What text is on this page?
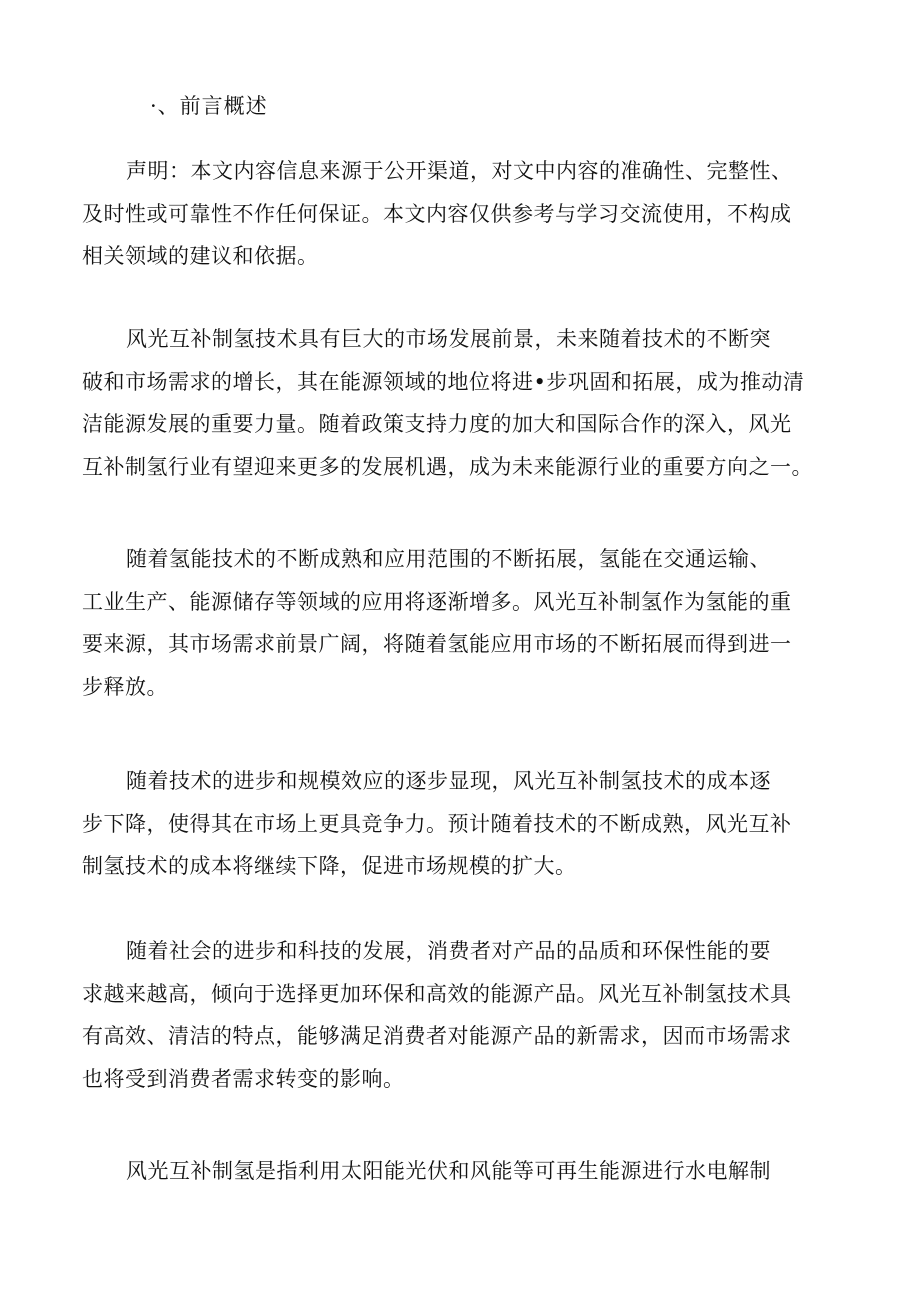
·、前言概述

声明：本文内容信息来源于公开渠道，对文中内容的准确性、完整性、
及时性或可靠性不作任何保证。本文内容仅供参考与学习交流使用，不构成
相关领域的建议和依据。

风光互补制氢技术具有巨大的市场发展前景，未来随着技术的不断突
破和市场需求的增长，其在能源领域的地位将进•步巩固和拓展，成为推动清
洁能源发展的重要力量。随着政策支持力度的加大和国际合作的深入，风光
互补制氢行业有望迎来更多的发展机遇，成为未来能源行业的重要方向之一。

随着氢能技术的不断成熟和应用范围的不断拓展，氢能在交通运输、
工业生产、能源储存等领域的应用将逐渐增多。风光互补制氢作为氢能的重
要来源，其市场需求前景广阔，将随着氢能应用市场的不断拓展而得到进一
步释放。

随着技术的进步和规模效应的逐步显现，风光互补制氢技术的成本逐
步下降，使得其在市场上更具竞争力。预计随着技术的不断成熟，风光互补
制氢技术的成本将继续下降，促进市场规模的扩大。

随着社会的进步和科技的发展，消费者对产品的品质和环保性能的要
求越来越高，倾向于选择更加环保和高效的能源产品。风光互补制氢技术具
有高效、清洁的特点，能够满足消费者对能源产品的新需求，因而市场需求
也将受到消费者需求转变的影响。

风光互补制氢是指利用太阳能光伏和风能等可再生能源进行水电解制
